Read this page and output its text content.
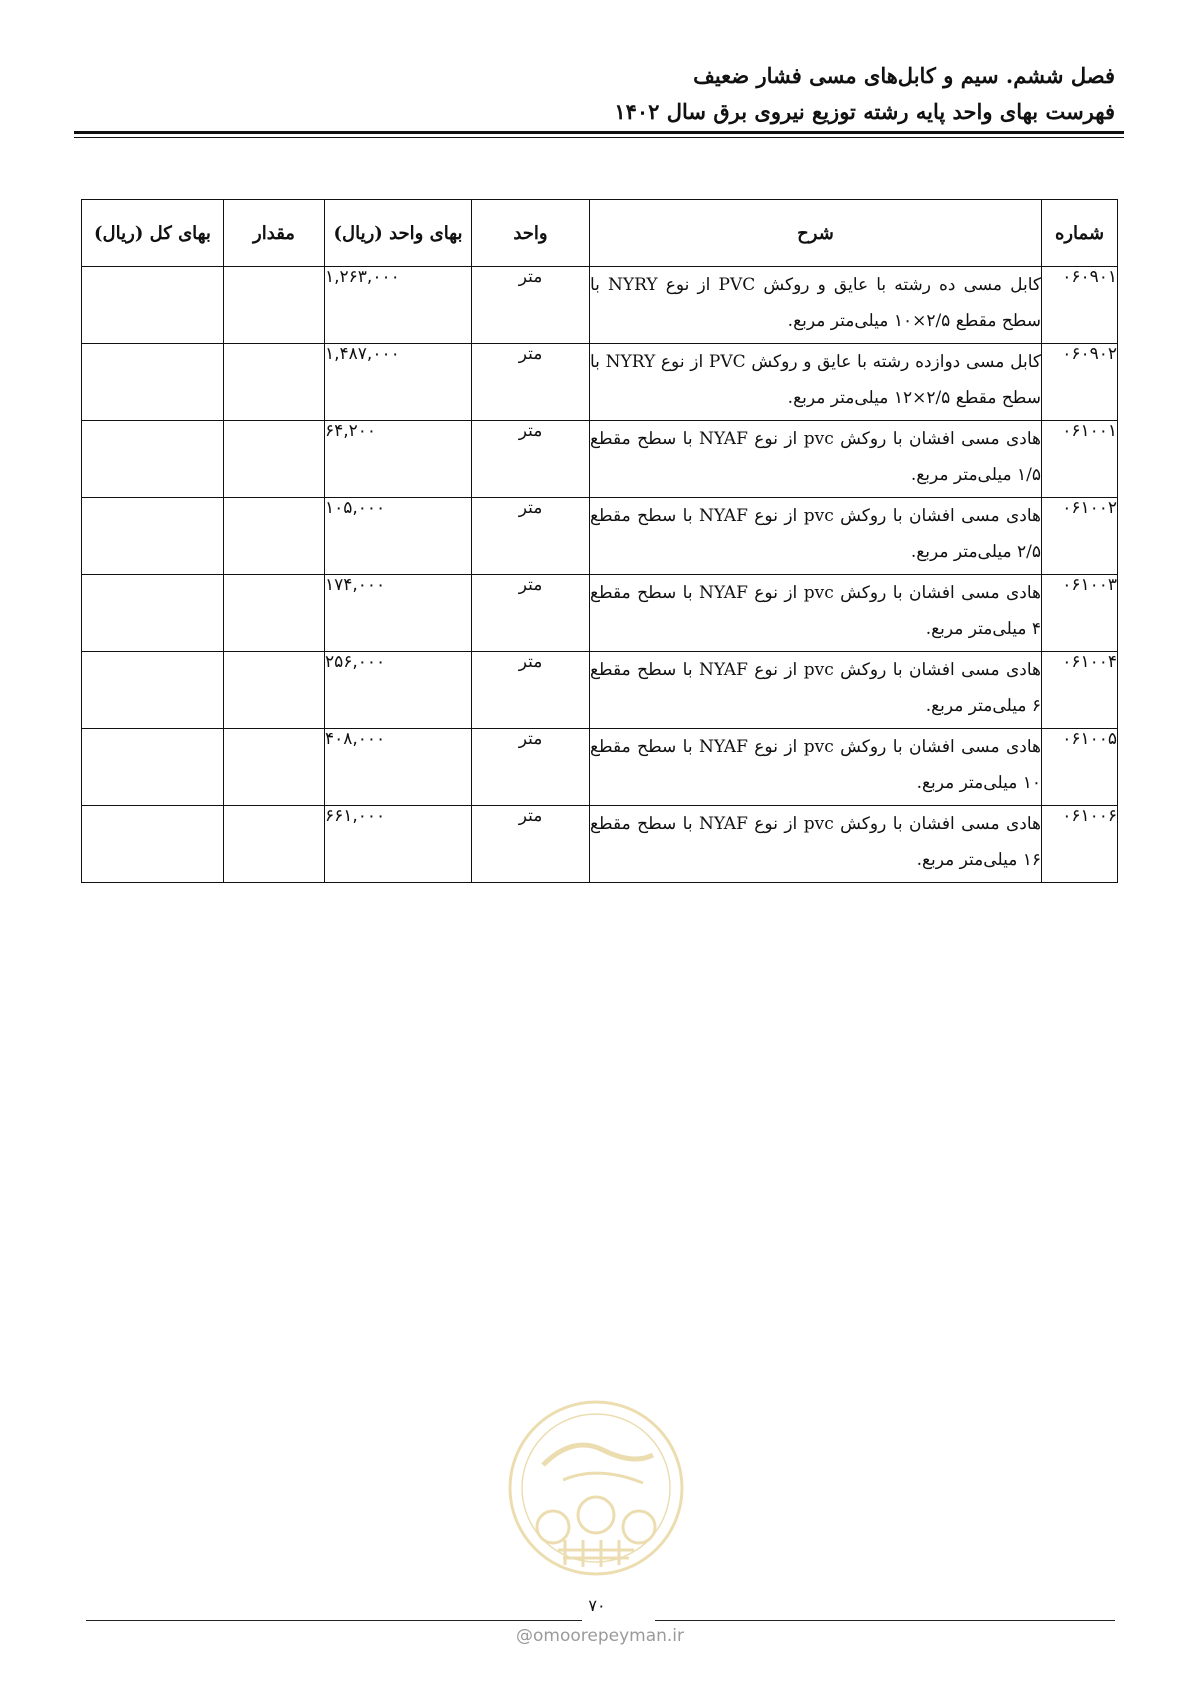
فصل ششم. سیم و کابل‌های مسی فشار ضعیف
فهرست بهای واحد پایه رشته توزیع نیروی برق سال ۱۴۰۲
شماره	شرح	واحد	بهای واحد (ریال)	مقدار	بهای کل (ریال)
۰۶۰۹۰۱	کابل مسی ده رشته با عایق و روکش PVC از نوع NYRY با سطح مقطع ۲/۵×۱۰ میلی‌متر مربع.	متر	۱,۲۶۳,۰۰۰		
۰۶۰۹۰۲	کابل مسی دوازده رشته با عایق و روکش PVC از نوع NYRY با سطح مقطع ۲/۵×۱۲ میلی‌متر مربع.	متر	۱,۴۸۷,۰۰۰		
۰۶۱۰۰۱	هادی مسی افشان با روکش pvc از نوع NYAF با سطح مقطع ۱/۵ میلی‌متر مربع.	متر	۶۴,۲۰۰		
۰۶۱۰۰۲	هادی مسی افشان با روکش pvc از نوع NYAF با سطح مقطع ۲/۵ میلی‌متر مربع.	متر	۱۰۵,۰۰۰		
۰۶۱۰۰۳	هادی مسی افشان با روکش pvc از نوع NYAF با سطح مقطع ۴ میلی‌متر مربع.	متر	۱۷۴,۰۰۰		
۰۶۱۰۰۴	هادی مسی افشان با روکش pvc از نوع NYAF با سطح مقطع ۶ میلی‌متر مربع.	متر	۲۵۶,۰۰۰		
۰۶۱۰۰۵	هادی مسی افشان با روکش pvc از نوع NYAF با سطح مقطع ۱۰ میلی‌متر مربع.	متر	۴۰۸,۰۰۰		
۰۶۱۰۰۶	هادی مسی افشان با روکش pvc از نوع NYAF با سطح مقطع ۱۶ میلی‌متر مربع.	متر	۶۶۱,۰۰۰		
۷۰
@omoorepeyman.ir
